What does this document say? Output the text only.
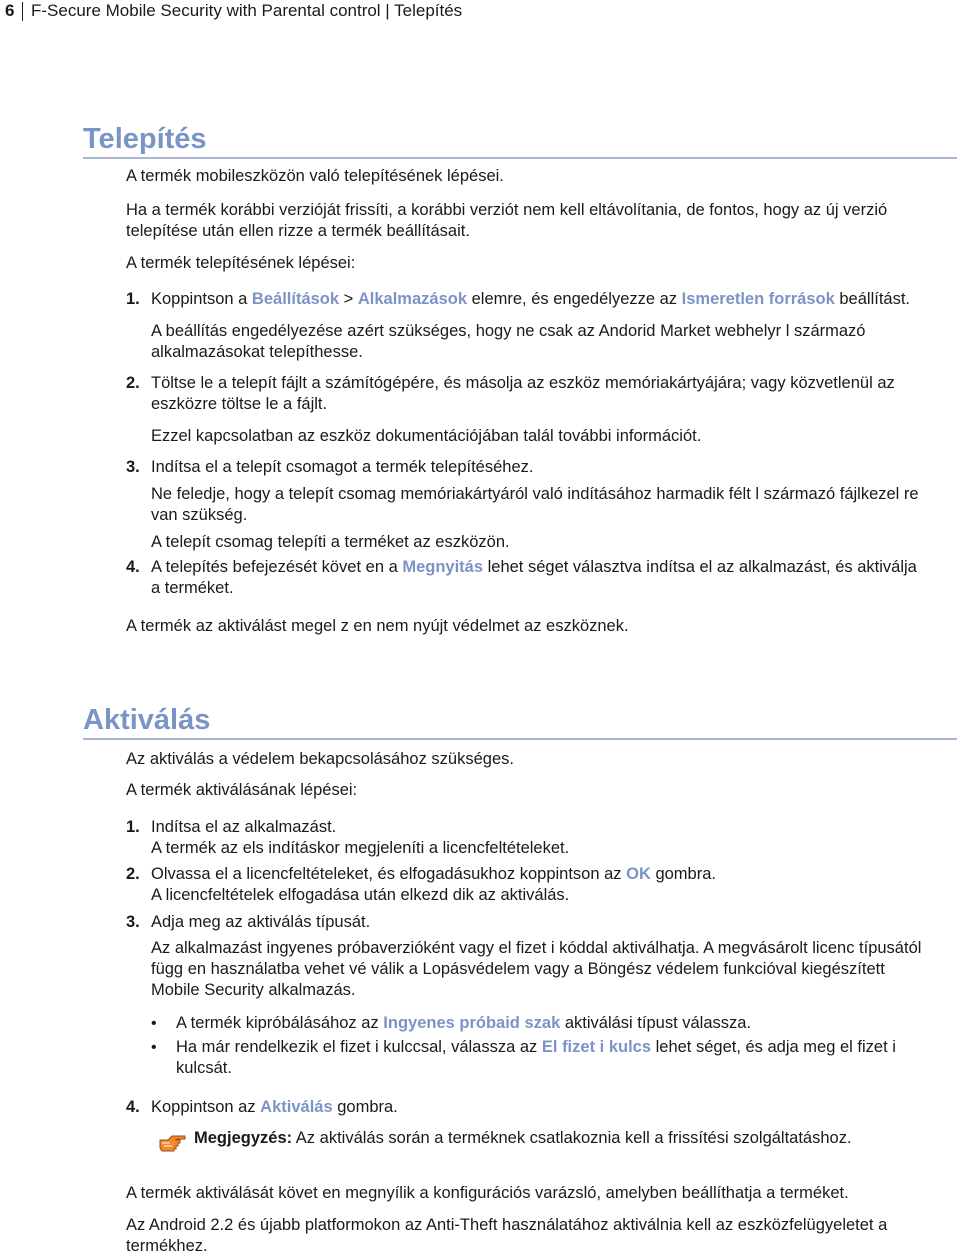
6 F-Secure Mobile Security with Parental control | Telepítés
Telepítés

A termék mobileszközön való telepítésének lépései.

Ha a termék korábbi verzióját frissíti, a korábbi verziót nem kell eltávolítania, de fontos, hogy az új verzió

telepítése után ellen rizze a termék beállításait.

A termék telepítésének lépései:

1. Koppintson a Beállítások > Alkalmazások elemre, és engedélyezze az Ismeretlen források beállítást.

A beállítás engedélyezése azért szükséges, hogy ne csak az Andorid Market webhelyr l származó

alkalmazásokat telepíthesse.

2. Töltse le a telepít fájlt a számítógépére, és másolja az eszköz memóriakártyájára; vagy közvetlenül az

eszközre töltse le a fájlt.

Ezzel kapcsolatban az eszköz dokumentációjában talál további információt.

3. Indítsa el a telepít csomagot a termék telepítéséhez.

Ne feledje, hogy a telepít csomag memóriakártyáról való indításához harmadik félt l származó fájlkezel re

van szükség.

A telepít csomag telepíti a terméket az eszközön.

4. A telepítés befejezését követ en a Megnyitás lehet séget választva indítsa el az alkalmazást, és aktiválja

a terméket.

A termék az aktiválást megel z en nem nyújt védelmet az eszköznek.

Aktiválás

Az aktiválás a védelem bekapcsolásához szükséges.

A termék aktiválásának lépései:

1. Indítsa el az alkalmazást.

A termék az els indításkor megjeleníti a licencfeltételeket.

2. Olvassa el a licencfeltételeket, és elfogadásukhoz koppintson az OK gombra.

A licencfeltételek elfogadása után elkezd dik az aktiválás.

3. Adja meg az aktiválás típusát.

Az alkalmazást ingyenes próbaverzióként vagy el fizet i kóddal aktiválhatja. A megvásárolt licenc típusától

függ en használatba vehet vé válik a Lopásvédelem vagy a Böngész védelem funkcióval kiegészített

Mobile Security alkalmazás.

• A termék kipróbálásához az Ingyenes próbaid szak aktiválási típust válassza.

• Ha már rendelkezik el fizet i kulccsal, válassza az El fizet i kulcs lehet séget, és adja meg el fizet i

kulcsát.

4. Koppintson az Aktiválás gombra.

Megjegyzés: Az aktiválás során a terméknek csatlakoznia kell a frissítési szolgáltatáshoz.

A termék aktiválását követ en megnyílik a konfigurációs varázsló, amelyben beállíthatja a terméket.

Az Android 2.2 és újabb platformokon az Anti-Theft használatához aktiválnia kell az eszközfelügyeletet a

termékhez.
